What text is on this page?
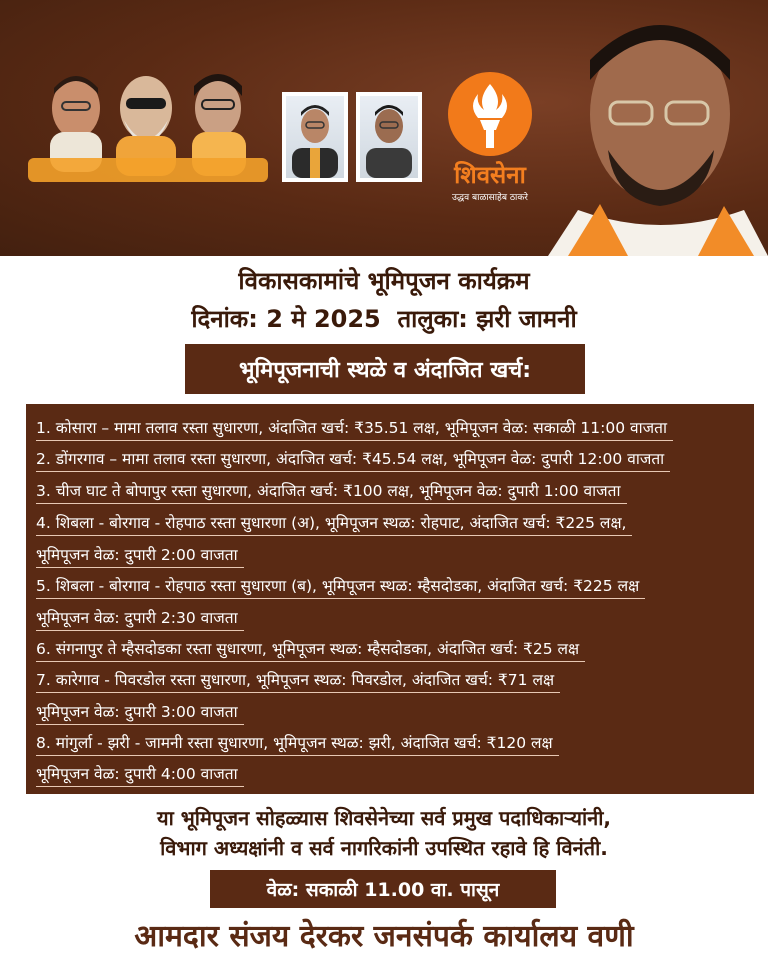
शिवसेना
उद्धव बाळासाहेब ठाकरे
विकासकामांचे भूमिपूजन कार्यक्रम
दिनांक: 2 मे 2025  तालुका: झरी जामनी
भूमिपूजनाची स्थळे व अंदाजित खर्च:
1. कोसारा – मामा तलाव रस्ता सुधारणा, अंदाजित खर्च: ₹35.51 लक्ष, भूमिपूजन वेळ: सकाळी 11:00 वाजता
2. डोंगरगाव – मामा तलाव रस्ता सुधारणा, अंदाजित खर्च: ₹45.54 लक्ष, भूमिपूजन वेळ: दुपारी 12:00 वाजता
3. चीज घाट ते बोपापुर रस्ता सुधारणा, अंदाजित खर्च: ₹100 लक्ष, भूमिपूजन वेळ: दुपारी 1:00 वाजता
4. शिबला - बोरगाव - रोहपाठ रस्ता सुधारणा (अ), भूमिपूजन स्थळ: रोहपाट, अंदाजित खर्च: ₹225 लक्ष,
भूमिपूजन वेळ: दुपारी 2:00 वाजता
5. शिबला - बोरगाव - रोहपाठ रस्ता सुधारणा (ब), भूमिपूजन स्थळ: म्हैसदोडका, अंदाजित खर्च: ₹225 लक्ष
भूमिपूजन वेळ: दुपारी 2:30 वाजता
6. संगनापुर ते म्हैसदोडका रस्ता सुधारणा, भूमिपूजन स्थळ: म्हैसदोडका, अंदाजित खर्च: ₹25 लक्ष
7. कारेगाव - पिवरडोल रस्ता सुधारणा, भूमिपूजन स्थळ: पिवरडोल, अंदाजित खर्च: ₹71 लक्ष
भूमिपूजन वेळ: दुपारी 3:00 वाजता
8. मांगुर्ला - झरी - जामनी रस्ता सुधारणा, भूमिपूजन स्थळ: झरी, अंदाजित खर्च: ₹120 लक्ष
भूमिपूजन वेळ: दुपारी 4:00 वाजता
या भूमिपूजन सोहळ्यास शिवसेनेच्या सर्व प्रमुख पदाधिकाऱ्यांनी,
विभाग अध्यक्षांनी व सर्व नागरिकांनी उपस्थित रहावे हि विनंती.
वेळ: सकाळी 11.00 वा. पासून
आमदार संजय देरकर जनसंपर्क कार्यालय वणी
